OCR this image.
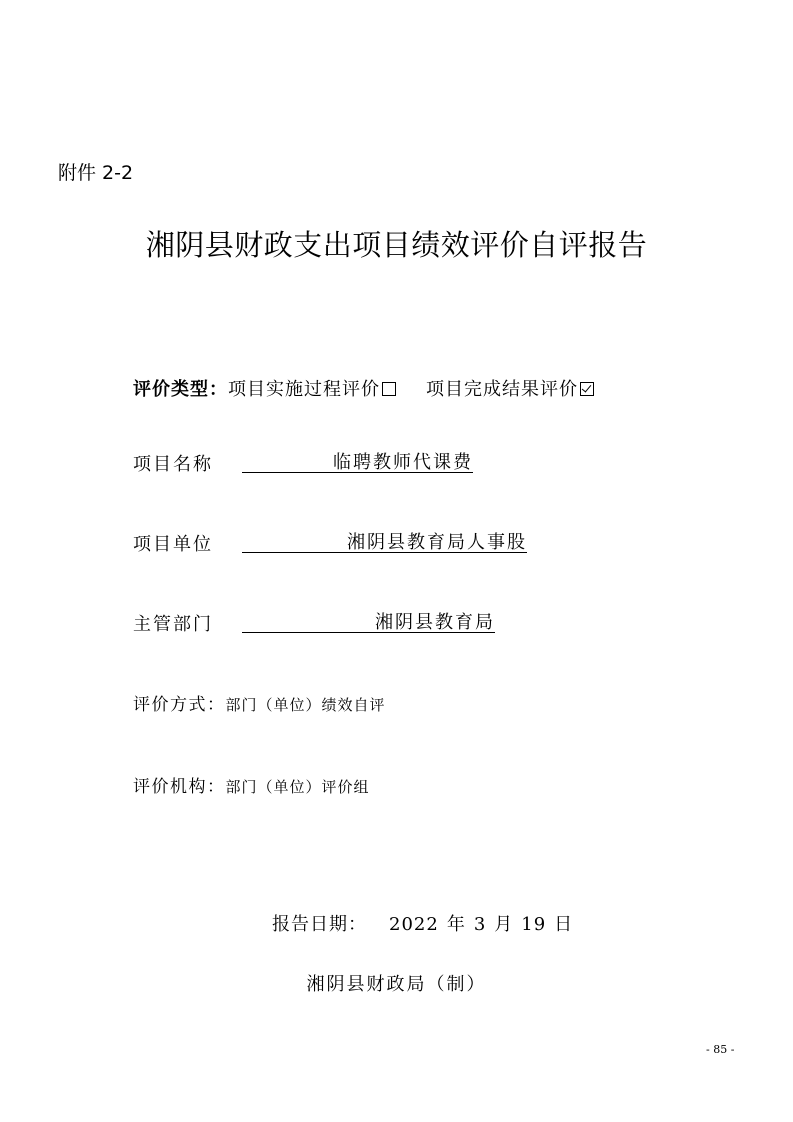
附件 2-2
湘阴县财政支出项目绩效评价自评报告
评价类型：项目实施过程评价	项目完成结果评价
项目名称	临聘教师代课费
项目单位	湘阴县教育局人事股
主管部门	湘阴县教育局
评价方式：部门（单位）绩效自评
评价机构：部门（单位）评价组
报告日期： 2022 年 3 月 19 日
湘阴县财政局（制）
- 85 -
